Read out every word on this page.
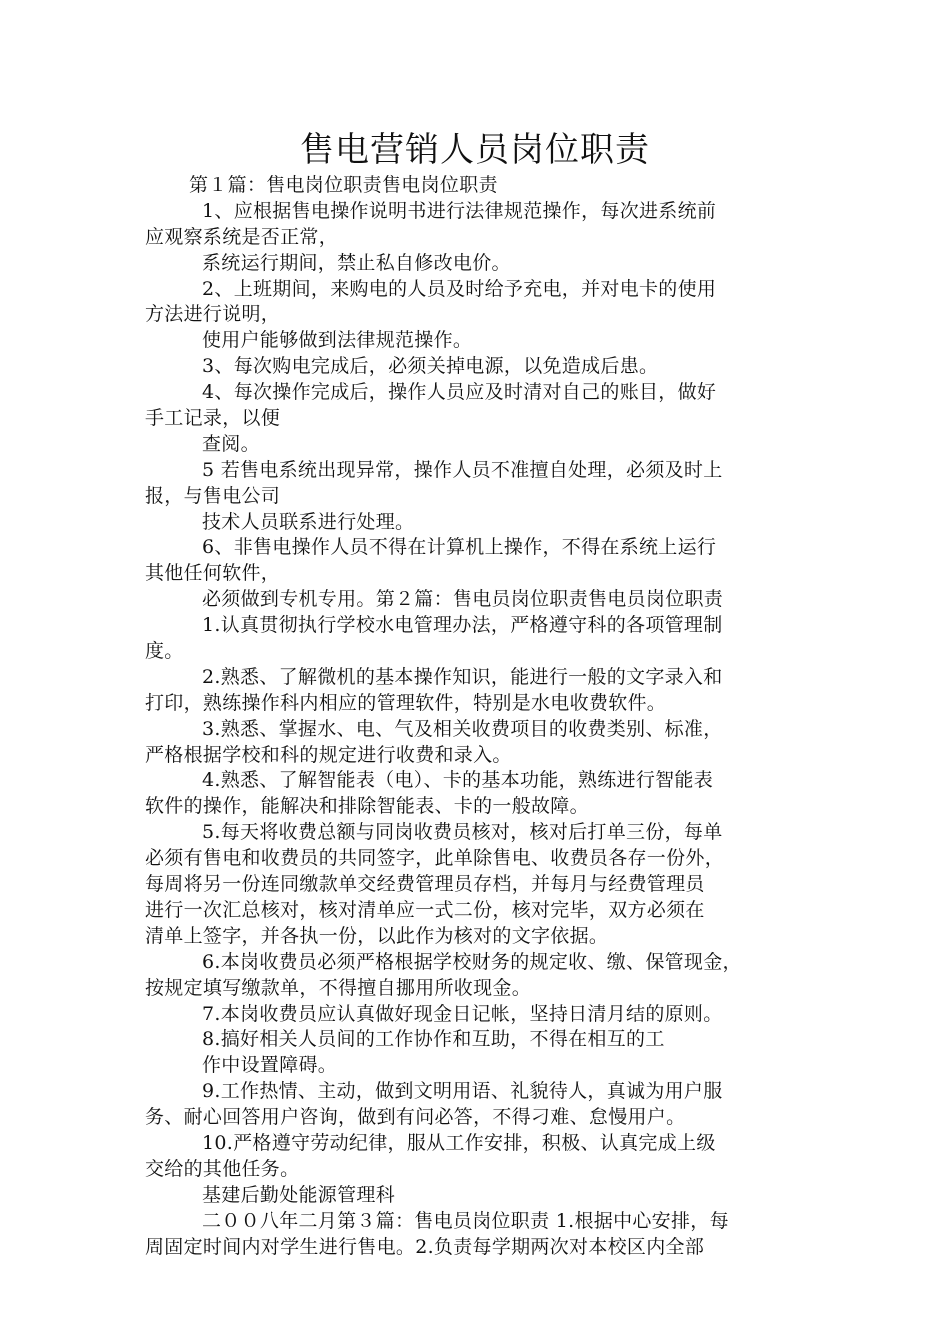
售电营销人员岗位职责
第１篇：售电岗位职责售电岗位职责
1、应根据售电操作说明书进行法律规范操作，每次进系统前
应观察系统是否正常，
系统运行期间，禁止私自修改电价。
2、上班期间，来购电的人员及时给予充电，并对电卡的使用
方法进行说明，
使用户能够做到法律规范操作。
3、每次购电完成后，必须关掉电源，以免造成后患。
4、每次操作完成后，操作人员应及时清对自己的账目，做好
手工记录，以便
查阅。
5 若售电系统出现异常，操作人员不准擅自处理，必须及时上
报，与售电公司
技术人员联系进行处理。
6、非售电操作人员不得在计算机上操作，不得在系统上运行
其他任何软件，
必须做到专机专用。第２篇：售电员岗位职责售电员岗位职责
1.认真贯彻执行学校水电管理办法，严格遵守科的各项管理制
度。
2.熟悉、了解微机的基本操作知识，能进行一般的文字录入和
打印，熟练操作科内相应的管理软件，特别是水电收费软件。
3.熟悉、掌握水、电、气及相关收费项目的收费类别、标准，
严格根据学校和科的规定进行收费和录入。
4.熟悉、了解智能表（电）、卡的基本功能，熟练进行智能表
软件的操作，能解决和排除智能表、卡的一般故障。
5.每天将收费总额与同岗收费员核对，核对后打单三份，每单
必须有售电和收费员的共同签字，此单除售电、收费员各存一份外，
每周将另一份连同缴款单交经费管理员存档，并每月与经费管理员
进行一次汇总核对，核对清单应一式二份，核对完毕，双方必须在
清单上签字，并各执一份，以此作为核对的文字依据。
6.本岗收费员必须严格根据学校财务的规定收、缴、保管现金，
按规定填写缴款单，不得擅自挪用所收现金。
7.本岗收费员应认真做好现金日记帐，坚持日清月结的原则。
8.搞好相关人员间的工作协作和互助，不得在相互的工
作中设置障碍。
9.工作热情、主动，做到文明用语、礼貌待人，真诚为用户服
务、耐心回答用户咨询，做到有问必答，不得刁难、怠慢用户。
10.严格遵守劳动纪律，服从工作安排，积极、认真完成上级
交给的其他任务。
基建后勤处能源管理科
二００八年二月第３篇：售电员岗位职责 1.根据中心安排，每
周固定时间内对学生进行售电。2.负责每学期两次对本校区内全部
